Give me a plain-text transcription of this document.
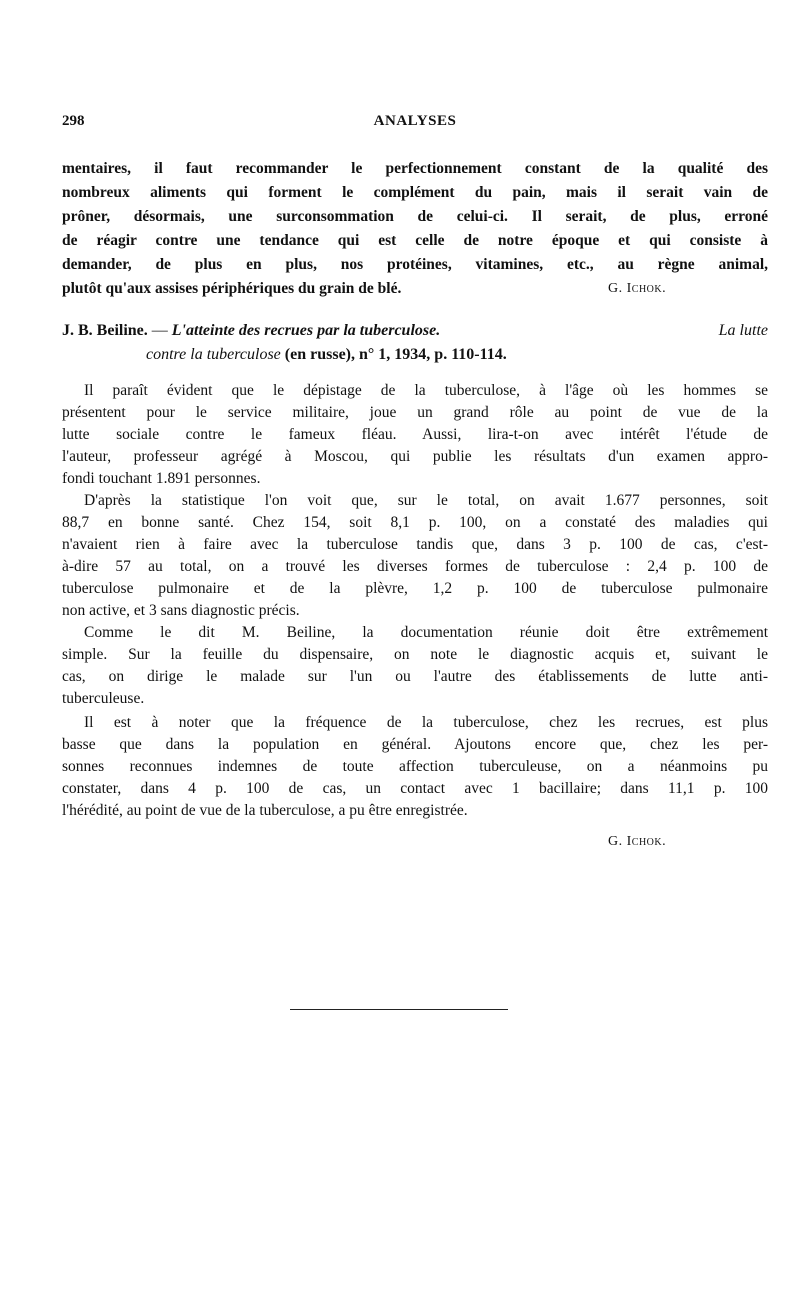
298	ANALYSES
mentaires, il faut recommander le perfectionnement constant de la qualité des
nombreux aliments qui forment le complément du pain, mais il serait vain de
prôner, désormais, une surconsommation de celui-ci. Il serait, de plus, erroné
de réagir contre une tendance qui est celle de notre époque et qui consiste à
demander, de plus en plus, nos protéines, vitamines, etc., au règne animal,
plutôt qu'aux assises périphériques du grain de blé.	G. Ichok.
J. B. Beiline. — L'atteinte des recrues par la tuberculose.	La lutte
contre la tuberculose (en russe), n° 1, 1934, p. 110-114.
Il paraît évident que le dépistage de la tuberculose, à l'âge où les hommes se
présentent pour le service militaire, joue un grand rôle au point de vue de la
lutte sociale contre le fameux fléau. Aussi, lira-t-on avec intérêt l'étude de
l'auteur, professeur agrégé à Moscou, qui publie les résultats d'un examen appro-
fondi touchant 1.891 personnes.
D'après la statistique l'on voit que, sur le total, on avait 1.677 personnes, soit
88,7 en bonne santé. Chez 154, soit 8,1 p. 100, on a constaté des maladies qui
n'avaient rien à faire avec la tuberculose tandis que, dans 3 p. 100 de cas, c'est-
à-dire 57 au total, on a trouvé les diverses formes de tuberculose : 2,4 p. 100 de
tuberculose pulmonaire et de la plèvre, 1,2 p. 100 de tuberculose pulmonaire
non active, et 3 sans diagnostic précis.
Comme le dit M. Beiline, la documentation réunie doit être extrêmement
simple. Sur la feuille du dispensaire, on note le diagnostic acquis et, suivant le
cas, on dirige le malade sur l'un ou l'autre des établissements de lutte anti-
tuberculeuse.
Il est à noter que la fréquence de la tuberculose, chez les recrues, est plus
basse que dans la population en général. Ajoutons encore que, chez les per-
sonnes reconnues indemnes de toute affection tuberculeuse, on a néanmoins pu
constater, dans 4 p. 100 de cas, un contact avec 1 bacillaire; dans 11,1 p. 100
l'hérédité, au point de vue de la tuberculose, a pu être enregistrée.
G. Ichok.
